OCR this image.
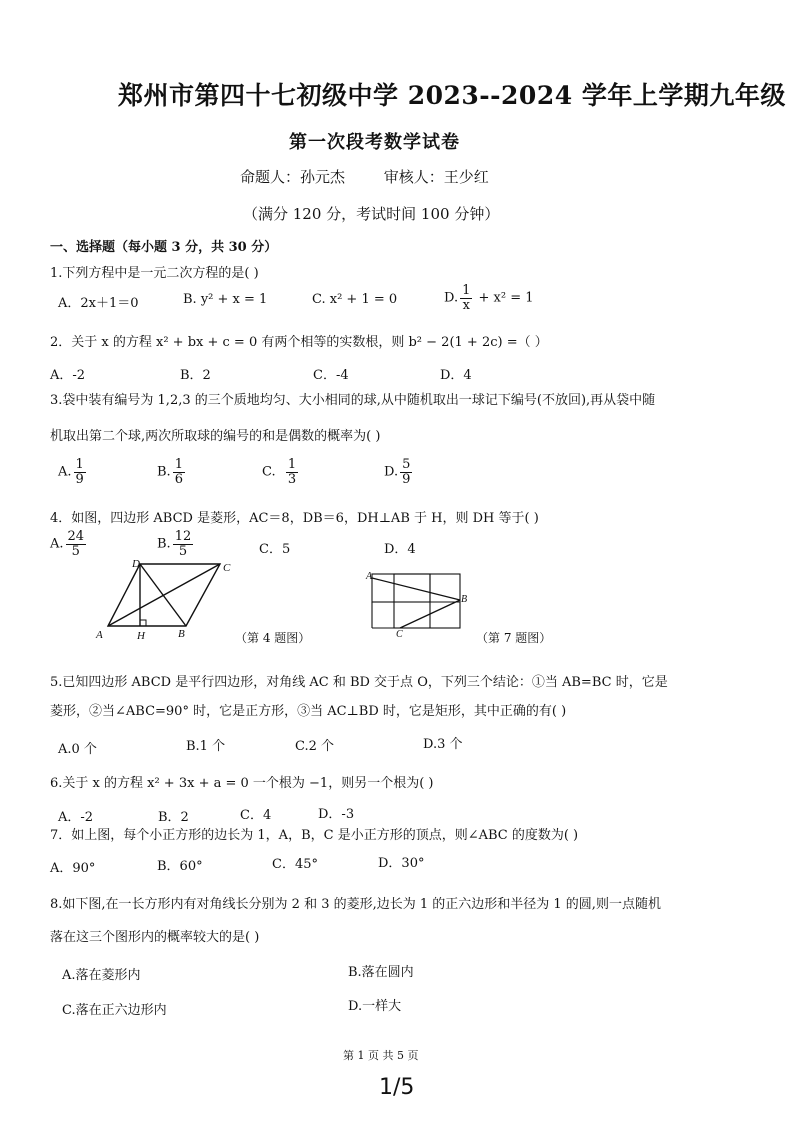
郑州市第四十七初级中学 2023--2024 学年上学期九年级
第一次段考数学试卷
命题人：孙元杰	审核人：王少红
（满分 120 分，考试时间 100 分钟）
一、选择题（每小题 3 分，共 30 分）
1.下列方程中是一元二次方程的是( )
A．2x＋1＝0	B. y² + x = 1	C. x² + 1 = 0	D. $\frac{1}{x} + x^2 = 1$
2．关于 x 的方程 x² + bx + c = 0 有两个相等的实数根，则 b² − 2(1 + 2c) =（ ）
A．-2	B．2	C．-4	D．4
3.袋中装有编号为 1,2,3 的三个质地均匀、大小相同的球,从中随机取出一球记下编号(不放回),再从袋中随
机取出第二个球,两次所取球的编号的和是偶数的概率为( )
A. $\frac{1}{9}$	B. $\frac{1}{6}$	C. $\frac{1}{3}$	D. $\frac{5}{9}$
4．如图，四边形 ABCD 是菱形，AC＝8，DB＝6，DH⊥AB 于 H，则 DH 等于( )
A. $\frac{24}{5}$	B. $\frac{12}{5}$	C．5	D．4
D	C
A	H	B	（第 4 题图）
A
B
C	（第 7 题图）
5.已知四边形 ABCD 是平行四边形，对角线 AC 和 BD 交于点 O，下列三个结论：①当 AB=BC 时，它是
菱形，②当∠ABC=90° 时，它是正方形，③当 AC⊥BD 时，它是矩形，其中正确的有( )
A.0 个	B.1 个	C.2 个	D.3 个
6.关于 x 的方程 x² + 3x + a = 0 一个根为 −1，则另一个根为( )
A．-2	B．2	C．4	D．-3
7．如上图，每个小正方形的边长为 1，A，B，C 是小正方形的顶点，则∠ABC 的度数为( )
A．90°	B．60°	C．45°	D．30°
8.如下图,在一长方形内有对角线长分别为 2 和 3 的菱形,边长为 1 的正六边形和半径为 1 的圆,则一点随机
落在这三个图形内的概率较大的是( )
A.落在菱形内	B.落在圆内
C.落在正六边形内	D.一样大
第 1 页 共 5 页
1/5
